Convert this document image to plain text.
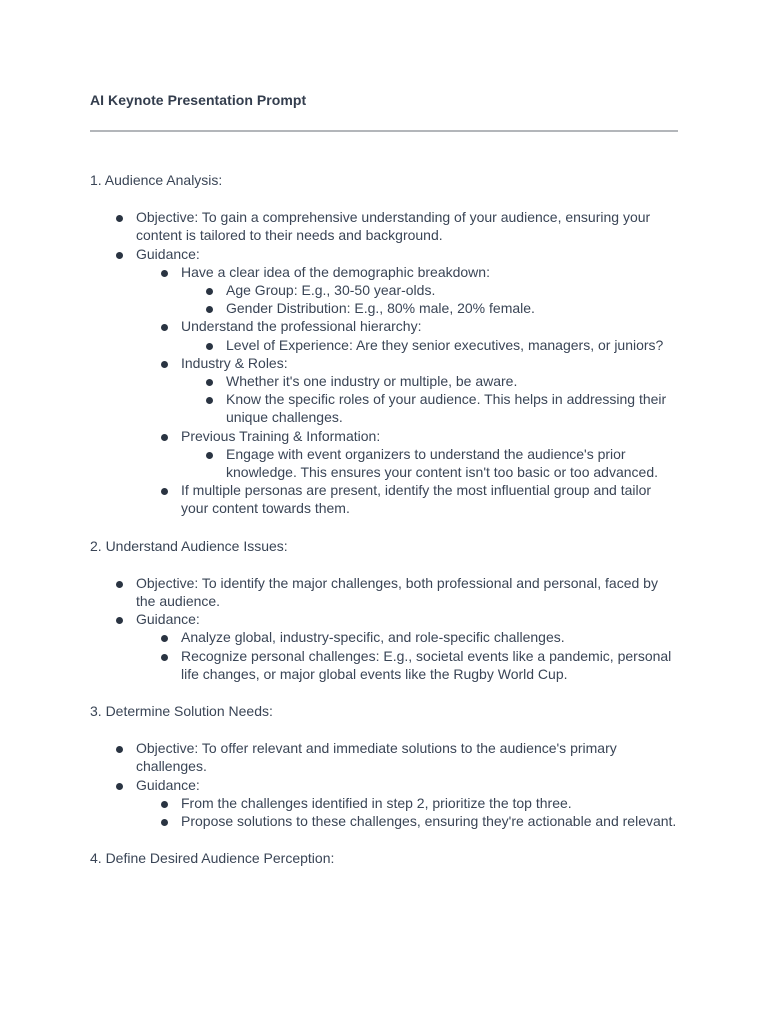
AI Keynote Presentation Prompt
1. Audience Analysis:
Objective: To gain a comprehensive understanding of your audience, ensuring your content is tailored to their needs and background.
Guidance:
Have a clear idea of the demographic breakdown:
Age Group: E.g., 30-50 year-olds.
Gender Distribution: E.g., 80% male, 20% female.
Understand the professional hierarchy:
Level of Experience: Are they senior executives, managers, or juniors?
Industry & Roles:
Whether it's one industry or multiple, be aware.
Know the specific roles of your audience. This helps in addressing their unique challenges.
Previous Training & Information:
Engage with event organizers to understand the audience's prior knowledge. This ensures your content isn't too basic or too advanced.
If multiple personas are present, identify the most influential group and tailor your content towards them.
2. Understand Audience Issues:
Objective: To identify the major challenges, both professional and personal, faced by the audience.
Guidance:
Analyze global, industry-specific, and role-specific challenges.
Recognize personal challenges: E.g., societal events like a pandemic, personal life changes, or major global events like the Rugby World Cup.
3. Determine Solution Needs:
Objective: To offer relevant and immediate solutions to the audience's primary challenges.
Guidance:
From the challenges identified in step 2, prioritize the top three.
Propose solutions to these challenges, ensuring they're actionable and relevant.
4. Define Desired Audience Perception:
